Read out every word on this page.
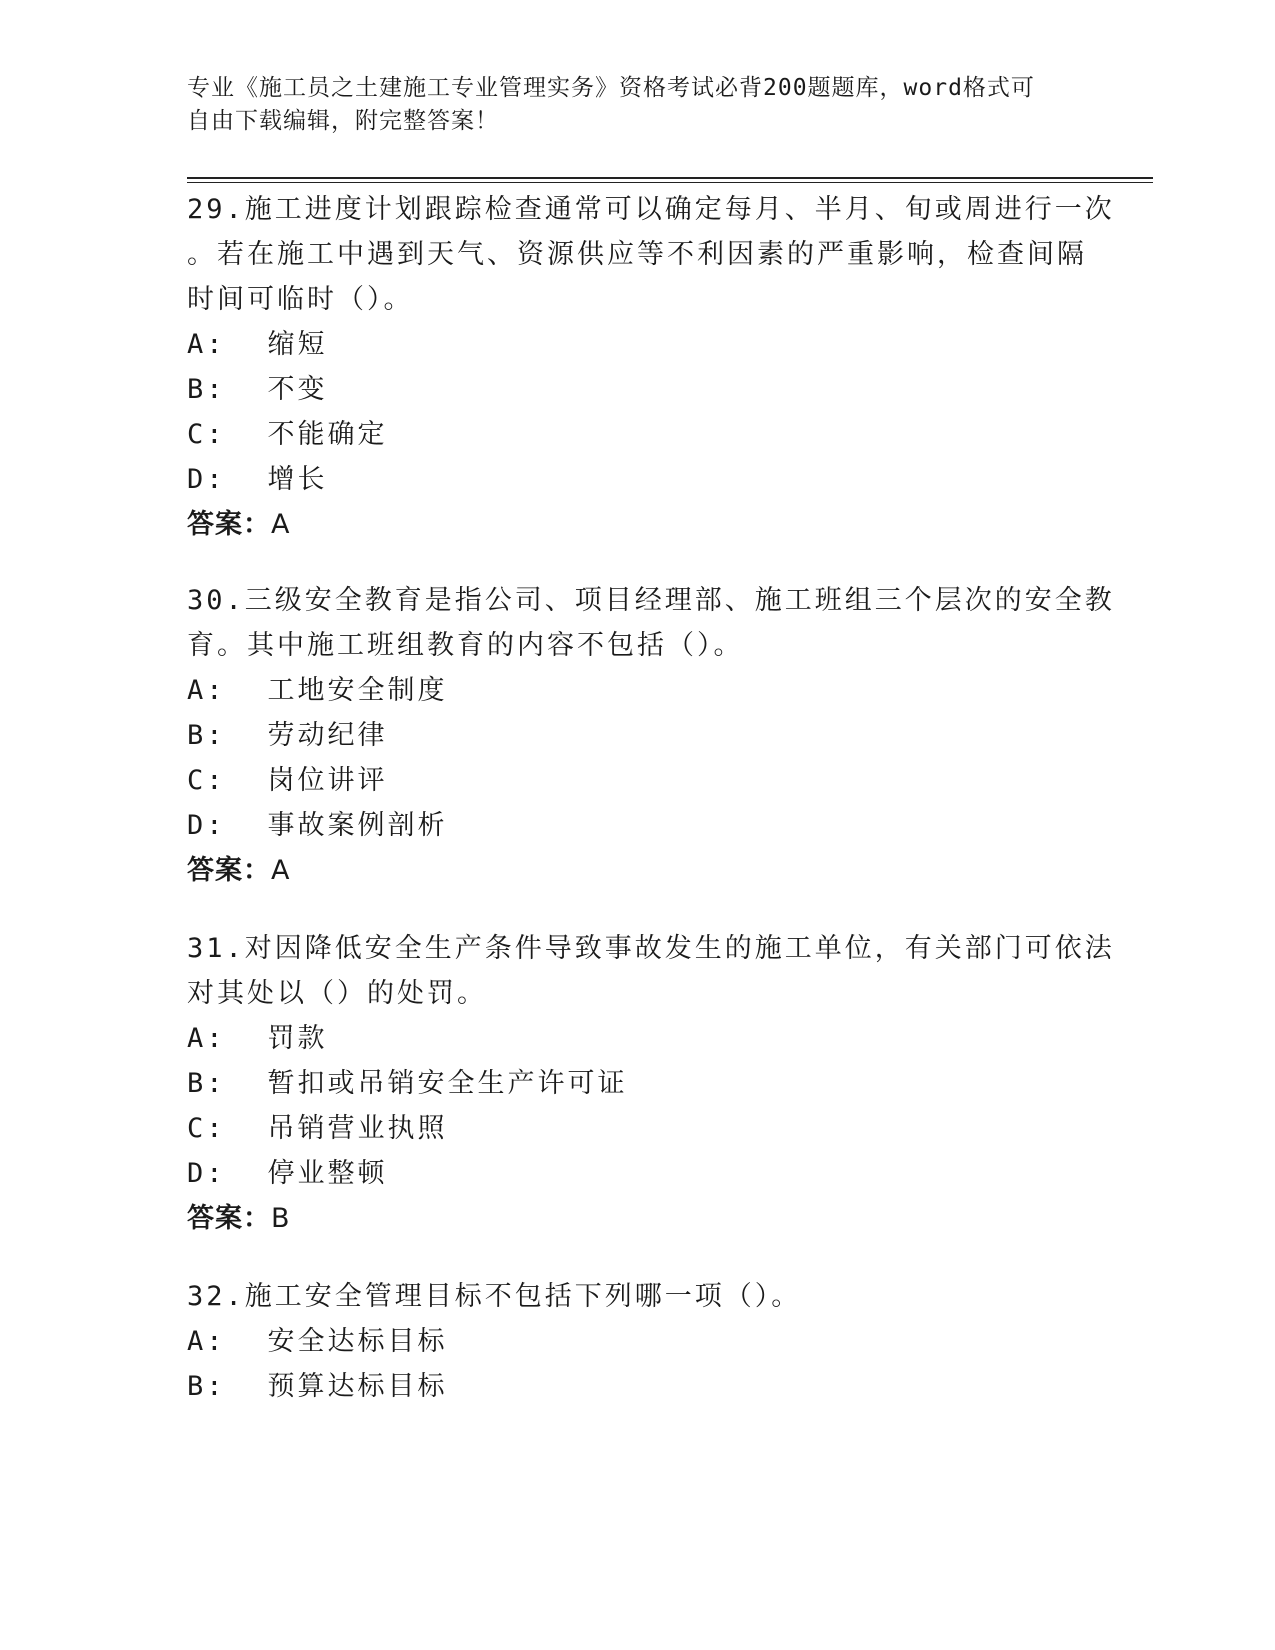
专业《施工员之土建施工专业管理实务》资格考试必背200题题库，word格式可
自由下载编辑，附完整答案！
29.施工进度计划跟踪检查通常可以确定每月、半月、旬或周进行一次
。若在施工中遇到天气、资源供应等不利因素的严重影响，检查间隔
时间可临时（）。
A: 缩短
B: 不变
C: 不能确定
D: 增长
答案：A
30.三级安全教育是指公司、项目经理部、施工班组三个层次的安全教
育。其中施工班组教育的内容不包括（）。
A: 工地安全制度
B: 劳动纪律
C: 岗位讲评
D: 事故案例剖析
答案：A
31.对因降低安全生产条件导致事故发生的施工单位，有关部门可依法
对其处以（）的处罚。
A: 罚款
B: 暂扣或吊销安全生产许可证
C: 吊销营业执照
D: 停业整顿
答案：B
32.施工安全管理目标不包括下列哪一项（）。
A: 安全达标目标
B: 预算达标目标
